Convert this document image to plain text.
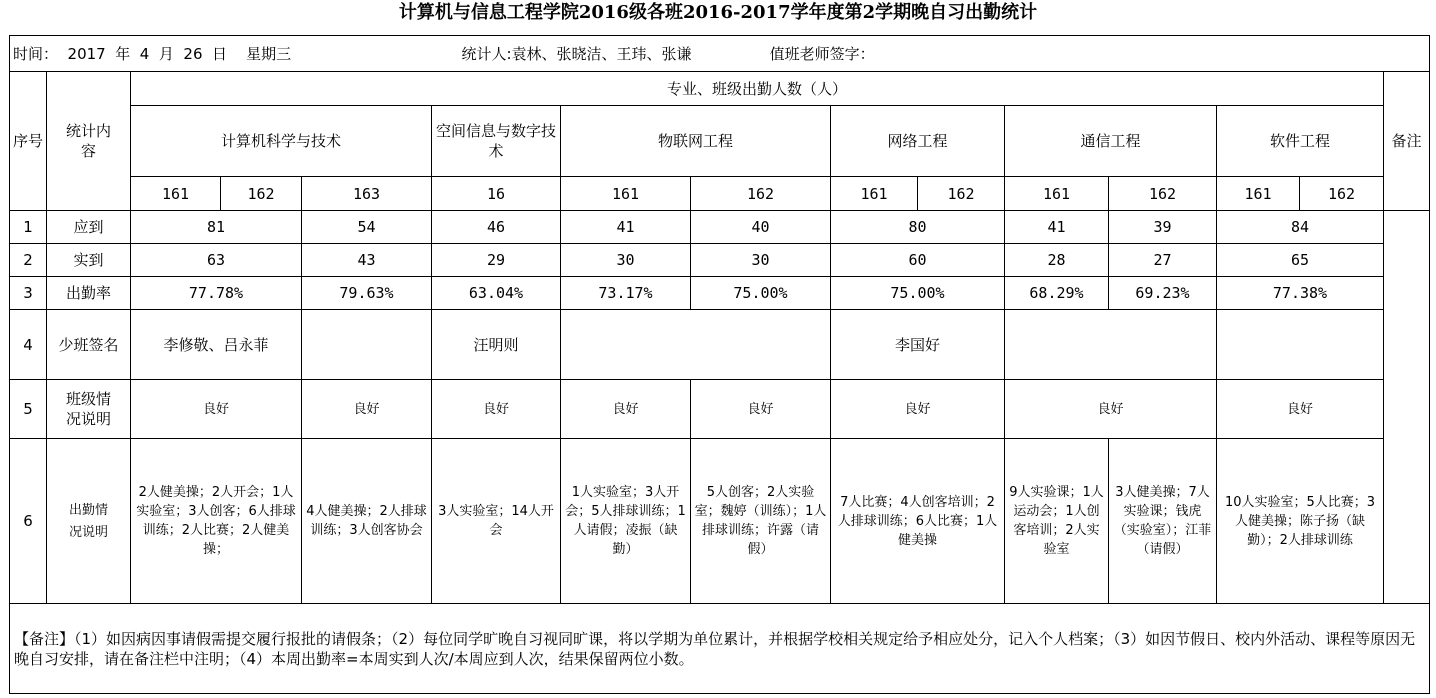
计算机与信息工程学院2016级各班2016-2017学年度第2学期晚自习出勤统计
时间：  2017  年  4  月  26  日    星期三					统计人:袁林、张晓洁、王玮、张谦 值班老师签字：									
序号	统计内容	专业、班级出勤人数（人）												备注
		计算机科学与技术			空间信息与数字技术	物联网工程		网络工程		通信工程		软件工程		
		161	162	163	16	161	162	161	162	161	162	161	162	
1	应到	81		54	46	41	40	80		41	39	84		
2	实到	63		43	29	30	30	60		28	27	65		
3	出勤率	77.78%		79.63%	63.04%	73.17%	75.00%	75.00%		68.29%	69.23%	77.38%		
4	少班签名	李修敬、吕永菲			汪明则			李国好						
5	班级情况说明	良好		良好	良好	良好	良好	良好		良好		良好		
6	出勤情况说明	2人健美操；2人开会；1人实验室；3人创客；6人排球训练；2人比赛；2人健美操；		4人健美操；2人排球训练；3人创客协会	3人实验室；14人开会	1人实验室；3人开会；5人排球训练；1人请假；凌振（缺勤）	5人创客；2人实验室；魏婷（训练）；1人排球训练；许露（请假）	7人比赛；4人创客培训；2人排球训练；6人比赛；1人健美操		9人实验课；1人运动会；1人创客培训；2人实验室	3人健美操；7人实验课；钱虎（实验室）；江菲（请假）	10人实验室；5人比赛；3人健美操；陈子扬（缺勤）；2人排球训练		
【备注】（1）如因病因事请假需提交履行报批的请假条；（2）每位同学旷晚自习视同旷课，将以学期为单位累计，并根据学校相关规定给予相应处分，记入个人档案；（3）如因节假日、校内外活动、课程等原因无晚自习安排，请在备注栏中注明；（4）本周出勤率=本周实到人次/本周应到人次，结果保留两位小数。														
